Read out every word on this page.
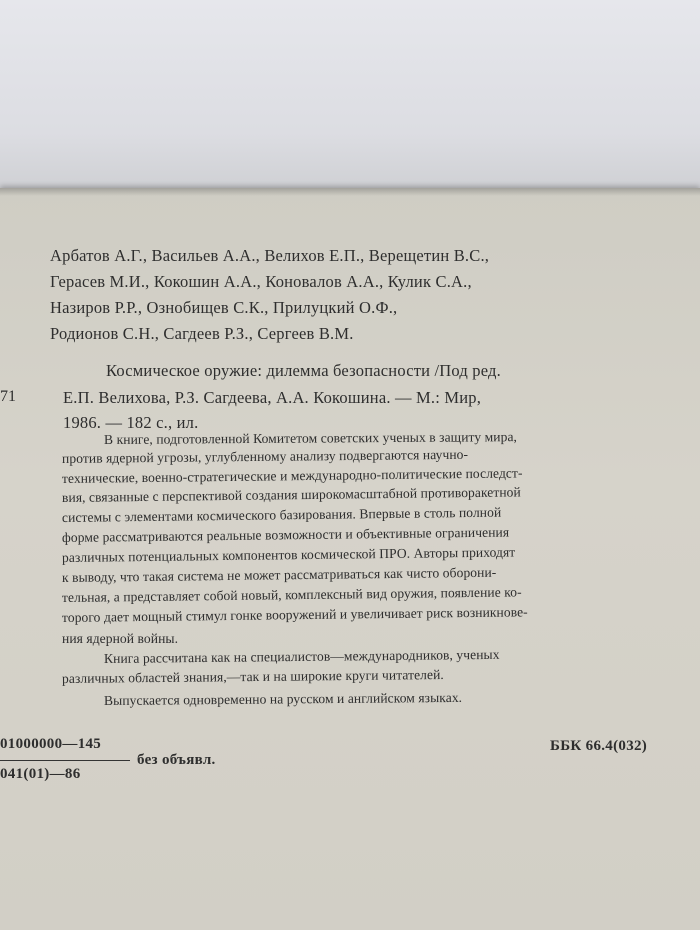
Арбатов А.Г., Васильев А.А., Велихов Е.П., Верещетин В.С.,
Герасев М.И., Кокошин А.А., Коновалов А.А., Кулик С.А.,
Назиров Р.Р., Ознобищев С.К., Прилуцкий О.Ф.,
Родионов С.Н., Сагдеев Р.З., Сергеев В.М.
71
Космическое оружие: дилемма безопасности /Под ред.
Е.П. Велихова, Р.З. Сагдеева, А.А. Кокошина. — М.: Мир,
1986. — 182 с., ил.
В книге, подготовленной Комитетом советских ученых в защиту мира,
против ядерной угрозы, углубленному анализу подвергаются научно-
технические, военно-стратегические и международно-политические последст-
вия, связанные с перспективой создания широкомасштабной противоракетной
системы с элементами космического базирования. Впервые в столь полной
форме рассматриваются реальные возможности и объективные ограничения
различных потенциальных компонентов космической ПРО. Авторы приходят
к выводу, что такая система не может рассматриваться как чисто оборони-
тельная, а представляет собой новый, комплексный вид оружия, появление ко-
торого дает мощный стимул гонке вооружений и увеличивает риск возникнове-
ния ядерной войны.
Книга рассчитана как на специалистов—международников, ученых
различных областей знания,—так и на широкие круги читателей.
Выпускается одновременно на русском и английском языках.
01000000—145
041(01)—86
без объявл.
ББК 66.4(032)
